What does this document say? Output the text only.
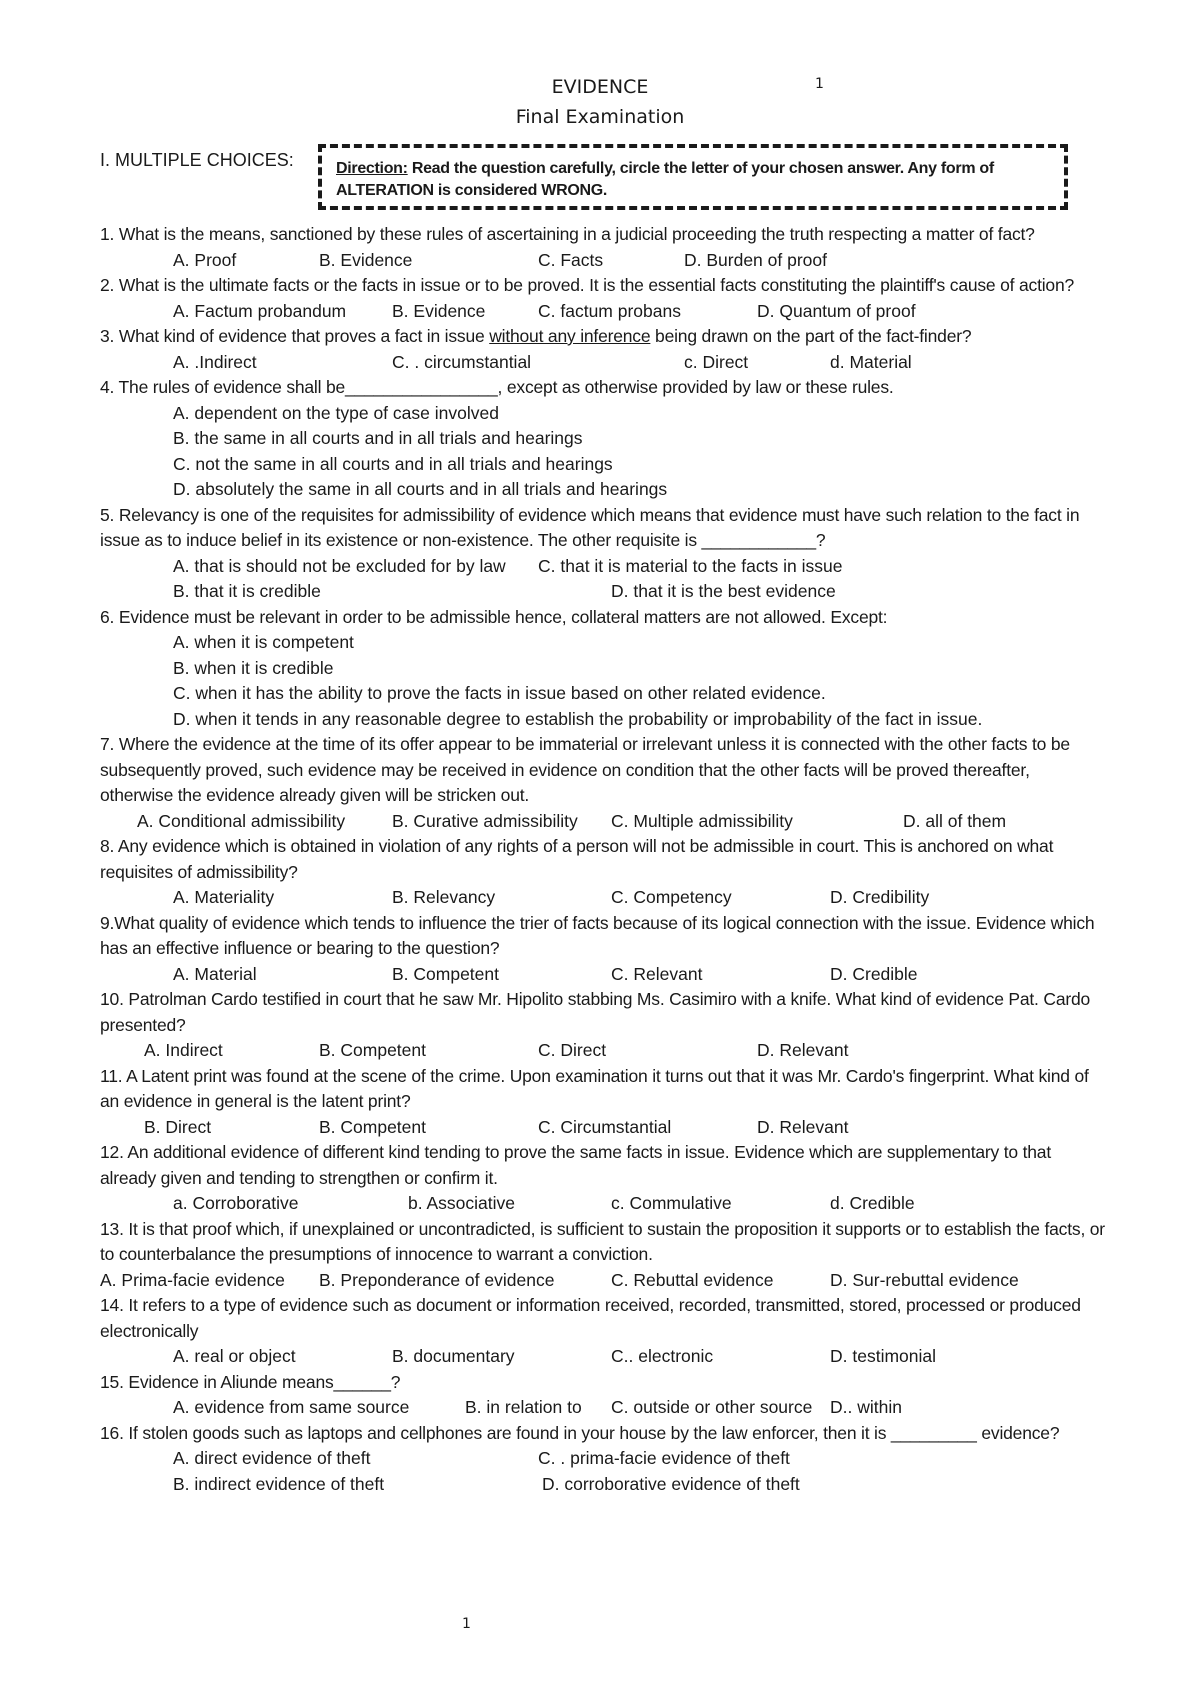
EVIDENCE	1
Final Examination
I. MULTIPLE CHOICES:	Direction: Read the question carefully, circle the letter of your chosen answer. Any form of ALTERATION is considered WRONG.
1. What is the means, sanctioned by these rules of ascertaining in a judicial proceeding the truth respecting a matter of fact?
A. Proof	B. Evidence	C. Facts	D. Burden of proof
2. What is the ultimate facts or the facts in issue or to be proved. It is the essential facts constituting the plaintiff's cause of action?
A. Factum probandum	B. Evidence	C. factum probans	D. Quantum of proof
3. What kind of evidence that proves a fact in issue without any inference being drawn on the part of the fact-finder?
A. .Indirect	C. . circumstantial	c. Direct	d. Material
4. The rules of evidence shall be________________, except as otherwise provided by law or these rules.
A. dependent on the type of case involved
B. the same in all courts and in all trials and hearings
C. not the same in all courts and in all trials and hearings
D. absolutely the same in all courts and in all trials and hearings
5. Relevancy is one of the requisites for admissibility of evidence which means that evidence must have such relation to the fact in issue as to induce belief in its existence or non-existence. The other requisite is ____________?
A. that is should not be excluded for by law C. that it is material to the facts in issue
B. that it is credible	D. that it is the best evidence
6. Evidence must be relevant in order to be admissible hence, collateral matters are not allowed. Except:
A. when it is competent
B. when it is credible
C. when it has the ability to prove the facts in issue based on other related evidence.
D. when it tends in any reasonable degree to establish the probability or improbability of the fact in issue.
7. Where the evidence at the time of its offer appear to be immaterial or irrelevant unless it is connected with the other facts to be subsequently proved, such evidence may be received in evidence on condition that the other facts will be proved thereafter, otherwise the evidence already given will be stricken out.
A. Conditional admissibility	B. Curative admissibility C. Multiple admissibility	D. all of them
8. Any evidence which is obtained in violation of any rights of a person will not be admissible in court. This is anchored on what requisites of admissibility?
A. Materiality	B. Relevancy	C. Competency	D. Credibility
9.What quality of evidence which tends to influence the trier of facts because of its logical connection with the issue. Evidence which has an effective influence or bearing to the question?
A. Material	B. Competent	C. Relevant	D. Credible
10. Patrolman Cardo testified in court that he saw Mr. Hipolito stabbing Ms. Casimiro with a knife. What kind of evidence Pat. Cardo presented?
A. Indirect	B. Competent	C. Direct	D. Relevant
11. A Latent print was found at the scene of the crime. Upon examination it turns out that it was Mr. Cardo's fingerprint. What kind of an evidence in general is the latent print?
B. Direct	B. Competent	C. Circumstantial	D. Relevant
12. An additional evidence of different kind tending to prove the same facts in issue. Evidence which are supplementary to that already given and tending to strengthen or confirm it.
a. Corroborative	b. Associative	c. Commulative	d. Credible
13. It is that proof which, if unexplained or uncontradicted, is sufficient to sustain the proposition it supports or to establish the facts, or to counterbalance the presumptions of innocence to warrant a conviction.
A. Prima-facie evidence B. Preponderance of evidence	C. Rebuttal evidence	D. Sur-rebuttal evidence
14. It refers to a type of evidence such as document or information received, recorded, transmitted, stored, processed or produced electronically
A. real or object	B. documentary	C.. electronic	D. testimonial
15. Evidence in Aliunde means______?
A. evidence from same source	B. in relation to C. outside or other source D.. within
16. If stolen goods such as laptops and cellphones are found in your house by the law enforcer, then it is _________ evidence?
A. direct evidence of theft	C. . prima-facie evidence of theft
B. indirect evidence of theft	D. corroborative evidence of theft
1
